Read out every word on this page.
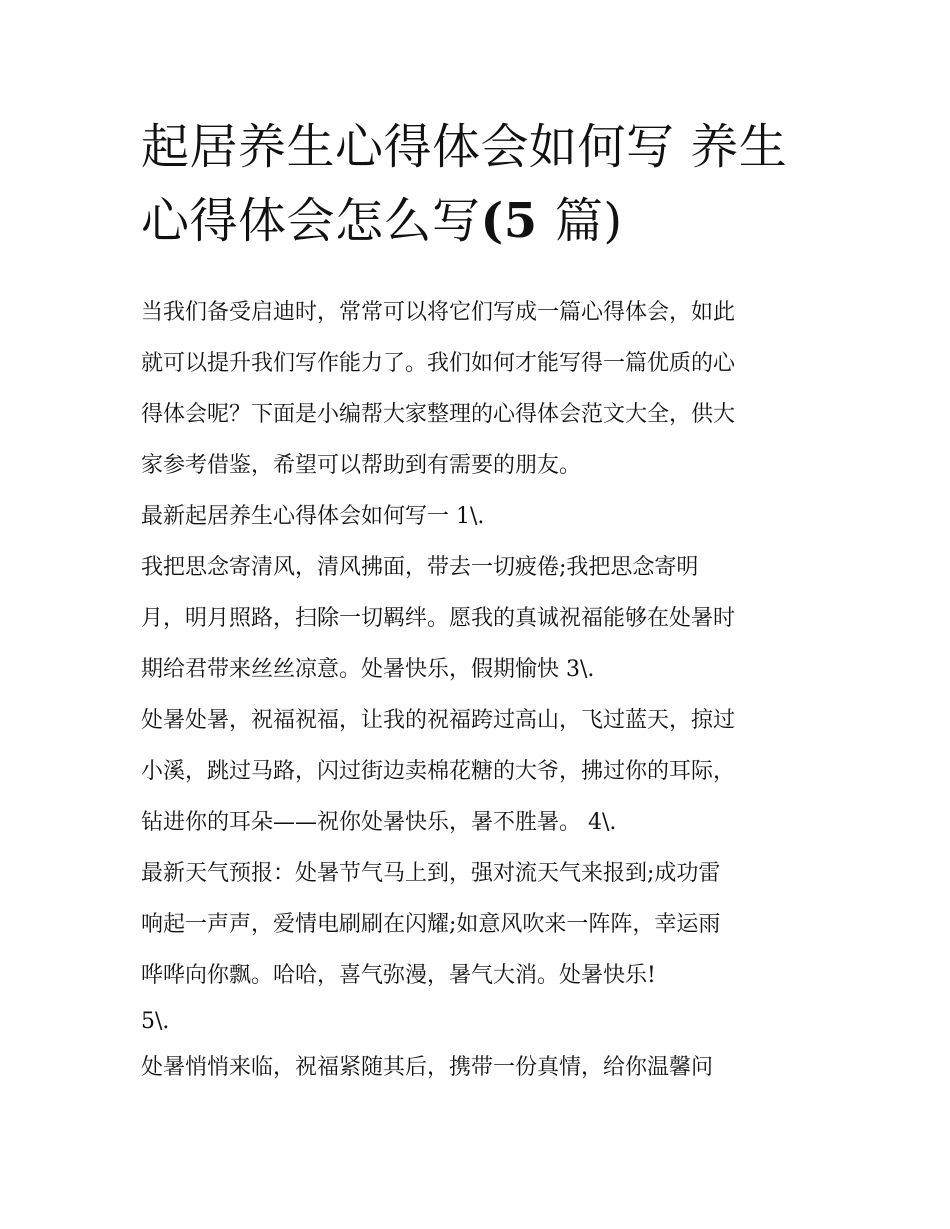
起居养生心得体会如何写 养生
心得体会怎么写(5 篇)
当我们备受启迪时，常常可以将它们写成一篇心得体会，如此
就可以提升我们写作能力了。我们如何才能写得一篇优质的心
得体会呢？下面是小编帮大家整理的心得体会范文大全，供大
家参考借鉴，希望可以帮助到有需要的朋友。
最新起居养生心得体会如何写一 1\.
我把思念寄清风，清风拂面，带去一切疲倦;我把思念寄明
月，明月照路，扫除一切羁绊。愿我的真诚祝福能够在处暑时
期给君带来丝丝凉意。处暑快乐，假期愉快 3\.
处暑处暑，祝福祝福，让我的祝福跨过高山，飞过蓝天，掠过
小溪，跳过马路，闪过街边卖棉花糖的大爷，拂过你的耳际，
钻进你的耳朵——祝你处暑快乐，暑不胜暑。 4\.
最新天气预报：处暑节气马上到，强对流天气来报到;成功雷
响起一声声，爱情电刷刷在闪耀;如意风吹来一阵阵，幸运雨
哗哗向你飘。哈哈，喜气弥漫，暑气大消。处暑快乐!
5\.
处暑悄悄来临，祝福紧随其后，携带一份真情，给你温馨问
